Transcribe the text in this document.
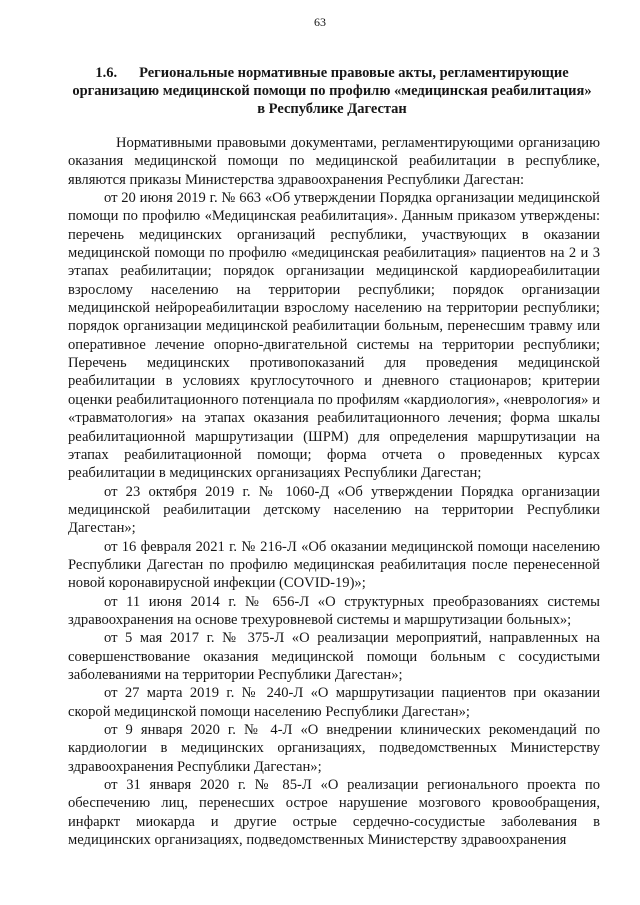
63
1.6. Региональные нормативные правовые акты, регламентирующие организацию медицинской помощи по профилю «медицинская реабилитация» в Республике Дагестан

Нормативными правовыми документами, регламентирующими организацию оказания медицинской помощи по медицинской реабилитации в республике, являются приказы Министерства здравоохранения Республики Дагестан:

от 20 июня 2019 г. № 663 «Об утверждении Порядка организации медицинской помощи по профилю «Медицинская реабилитация». Данным приказом утверждены: перечень медицинских организаций республики, участвующих в оказании медицинской помощи по профилю «медицинская реабилитация» пациентов на 2 и 3 этапах реабилитации; порядок организации медицинской кардиореабилитации взрослому населению на территории республики; порядок организации медицинской нейрореабилитации взрослому населению на территории республики; порядок организации медицинской реабилитации больным, перенесшим травму или оперативное лечение опорно-двигательной системы на территории республики; Перечень медицинских противопоказаний для проведения медицинской реабилитации в условиях круглосуточного и дневного стационаров; критерии оценки реабилитационного потенциала по профилям «кардиология», «неврология» и «травматология» на этапах оказания реабилитационного лечения; форма шкалы реабилитационной маршрутизации (ШРМ) для определения маршрутизации на этапах реабилитационной помощи; форма отчета о проведенных курсах реабилитации в медицинских организациях Республики Дагестан;

от 23 октября 2019 г. № 1060-Д «Об утверждении Порядка организации медицинской реабилитации детскому населению на территории Республики Дагестан»;

от 16 февраля 2021 г. № 216-Л «Об оказании медицинской помощи населению Республики Дагестан по профилю медицинская реабилитация после перенесенной новой коронавирусной инфекции (COVID-19)»;

от 11 июня 2014 г. № 656-Л «О структурных преобразованиях системы здравоохранения на основе трехуровневой системы и маршрутизации больных»;

от 5 мая 2017 г. № 375-Л «О реализации мероприятий, направленных на совершенствование оказания медицинской помощи больным с сосудистыми заболеваниями на территории Республики Дагестан»;

от 27 марта 2019 г. № 240-Л «О маршрутизации пациентов при оказании скорой медицинской помощи населению Республики Дагестан»;

от 9 января 2020 г. № 4-Л «О внедрении клинических рекомендаций по кардиологии в медицинских организациях, подведомственных Министерству здравоохранения Республики Дагестан»;

от 31 января 2020 г. № 85-Л «О реализации регионального проекта по обеспечению лиц, перенесших острое нарушение мозгового кровообращения, инфаркт миокарда и другие острые сердечно-сосудистые заболевания в медицинских организациях, подведомственных Министерству здравоохранения
